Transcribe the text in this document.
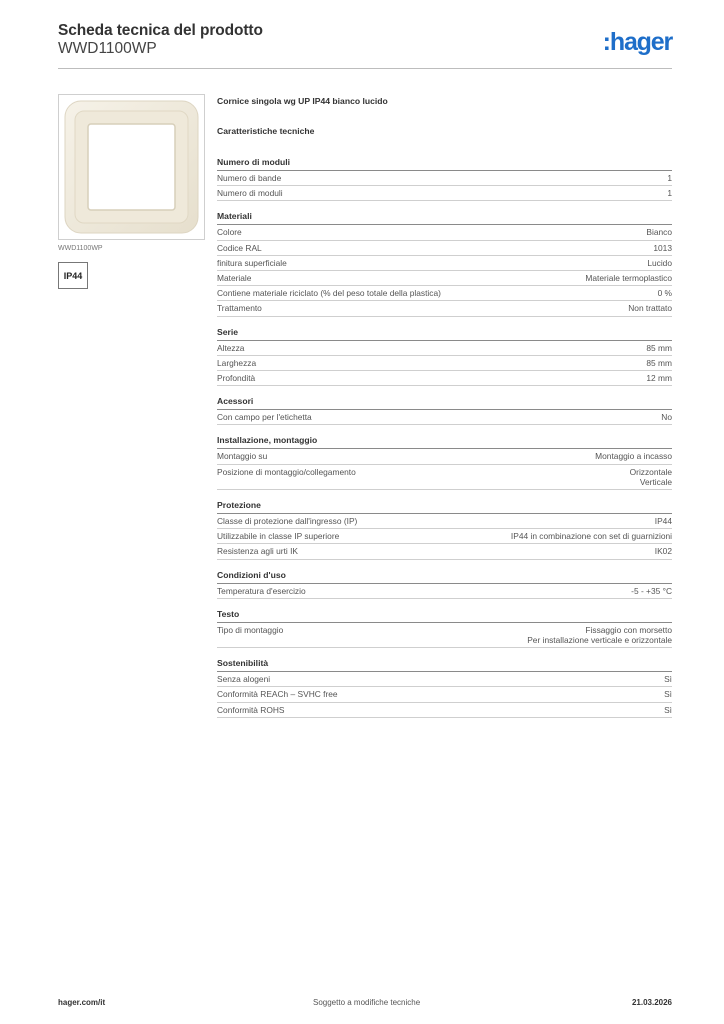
Scheda tecnica del prodotto
WWD1100WP	:hager
WWD1100WP
IP44
Cornice singola wg UP IP44 bianco lucido
Caratteristiche tecniche
Numero di moduli
Numero di bande	1
Numero di moduli	1
Materiali
Colore	Bianco
Codice RAL	1013
finitura superficiale	Lucido
Materiale	Materiale termoplastico
Contiene materiale riciclato (% del peso totale della plastica)	0 %
Trattamento	Non trattato
Serie
Altezza	85 mm
Larghezza	85 mm
Profondità	12 mm
Acessori
Con campo per l'etichetta	No
Installazione, montaggio
Montaggio su	Montaggio a incasso
Posizione di montaggio/collegamento	Orizzontale
Verticale
Protezione
Classe di protezione dall'ingresso (IP)	IP44
Utilizzabile in classe IP superiore	IP44 in combinazione con set di guarnizioni
Resistenza agli urti IK	IK02
Condizioni d'uso
Temperatura d'esercizio	-5 - +35 °C
Testo
Tipo di montaggio	Fissaggio con morsetto
Per installazione verticale e orizzontale
Sostenibilità
Senza alogeni	Sì
Conformità REACh – SVHC free	Sì
Conformità ROHS	Sì
hager.com/it	Soggetto a modifiche tecniche	21.03.2026
